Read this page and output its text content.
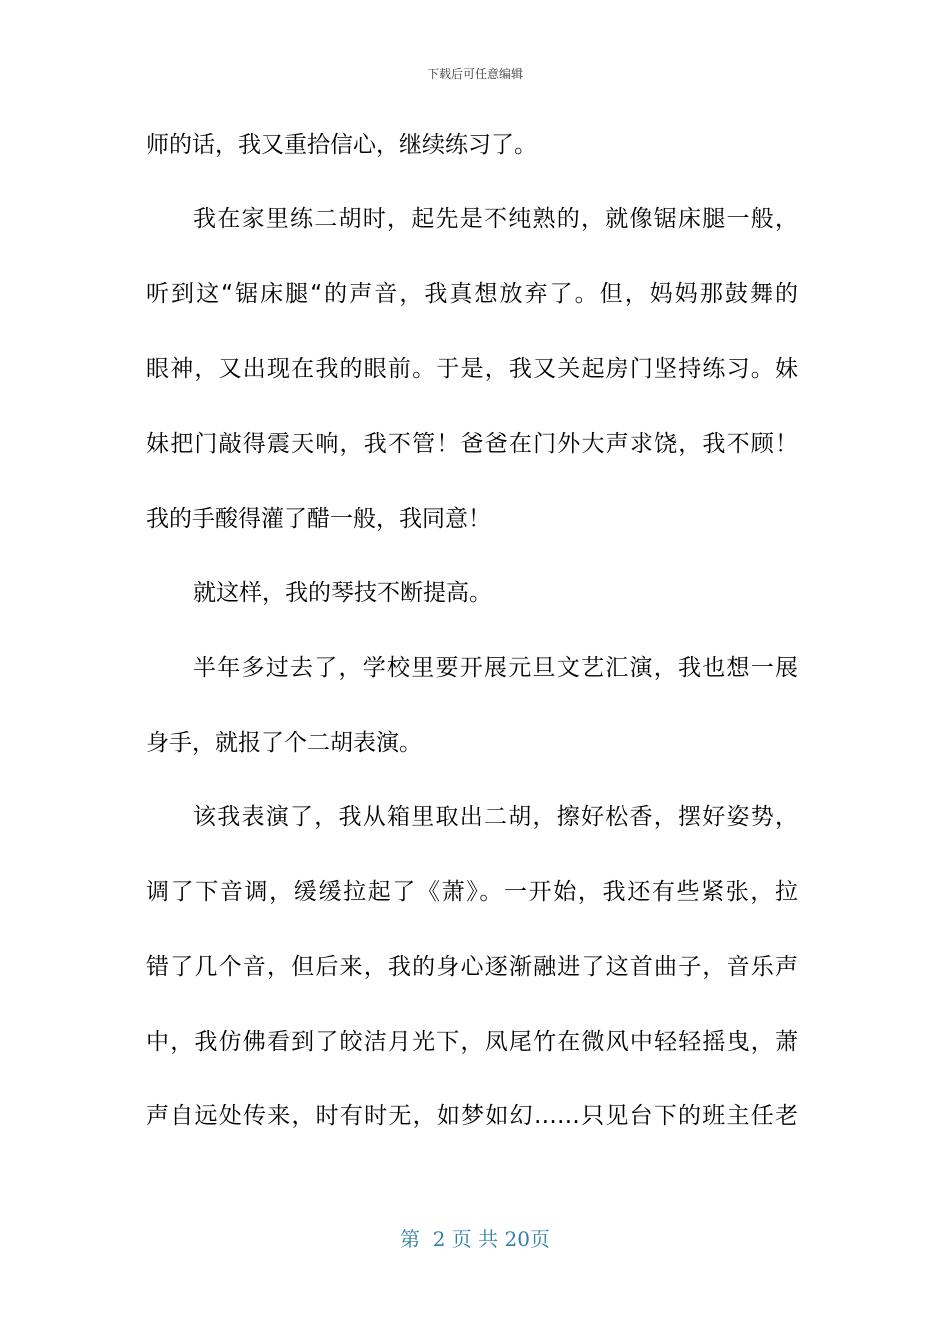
下载后可任意编辑
师的话，我又重拾信心，继续练习了。
我在家里练二胡时，起先是不纯熟的，就像锯床腿一般，
听到这“锯床腿“的声音，我真想放弃了。但，妈妈那鼓舞的
眼神，又出现在我的眼前。于是，我又关起房门坚持练习。妹
妹把门敲得震天响，我不管！爸爸在门外大声求饶，我不顾！
我的手酸得灌了醋一般，我同意！
就这样，我的琴技不断提高。
半年多过去了，学校里要开展元旦文艺汇演，我也想一展
身手，就报了个二胡表演。
该我表演了，我从箱里取出二胡，擦好松香，摆好姿势，
调了下音调，缓缓拉起了《萧》。一开始，我还有些紧张，拉
错了几个音，但后来，我的身心逐渐融进了这首曲子，音乐声
中，我仿佛看到了皎洁月光下，凤尾竹在微风中轻轻摇曳，萧
声自远处传来，时有时无，如梦如幻……只见台下的班主任老
第  2 页 共 20页
